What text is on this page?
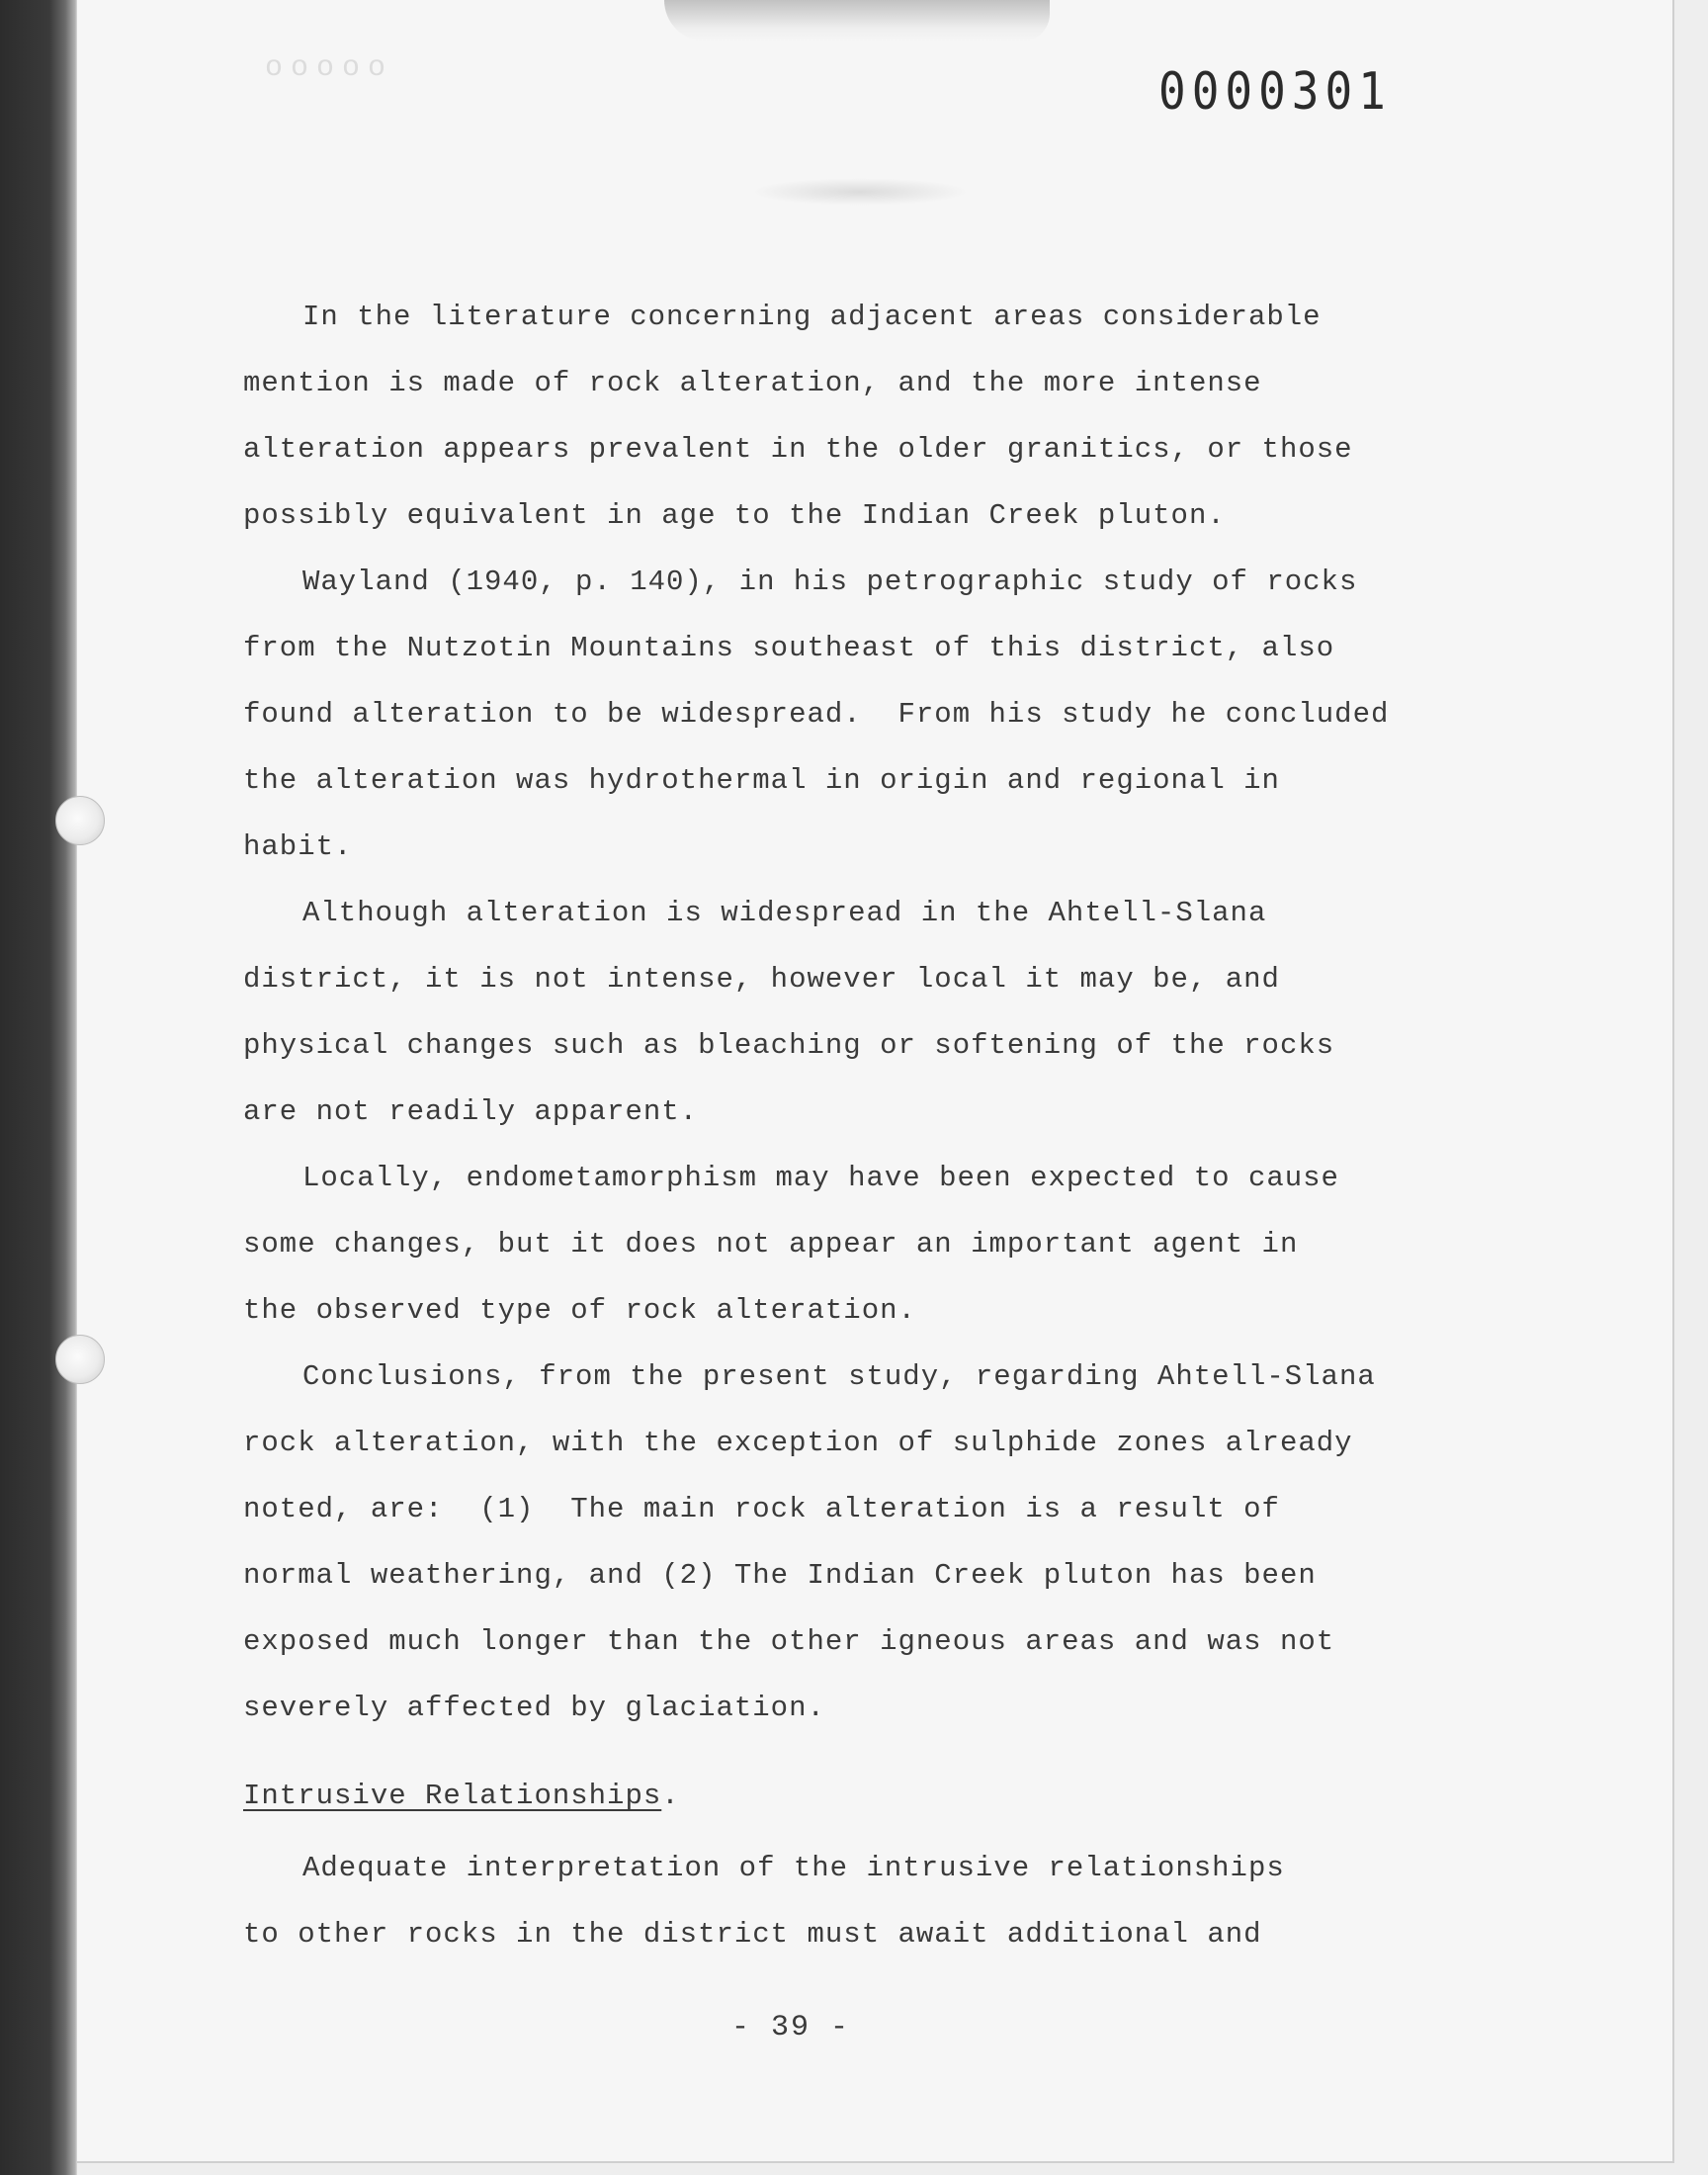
ooooo	0000301

In the literature concerning adjacent areas considerable

mention is made of rock alteration, and the more intense

alteration appears prevalent in the older granitics, or those

possibly equivalent in age to the Indian Creek pluton.

Wayland (1940, p. 140), in his petrographic study of rocks

from the Nutzotin Mountains southeast of this district, also

found alteration to be widespread.  From his study he concluded

the alteration was hydrothermal in origin and regional in

habit.

Although alteration is widespread in the Ahtell-Slana

district, it is not intense, however local it may be, and

physical changes such as bleaching or softening of the rocks

are not readily apparent.

Locally, endometamorphism may have been expected to cause

some changes, but it does not appear an important agent in

the observed type of rock alteration.

Conclusions, from the present study, regarding Ahtell-Slana

rock alteration, with the exception of sulphide zones already

noted, are:  (1)  The main rock alteration is a result of

normal weathering, and (2) The Indian Creek pluton has been

exposed much longer than the other igneous areas and was not

severely affected by glaciation.

Intrusive Relationships.

Adequate interpretation of the intrusive relationships

to other rocks in the district must await additional and

- 39 -
